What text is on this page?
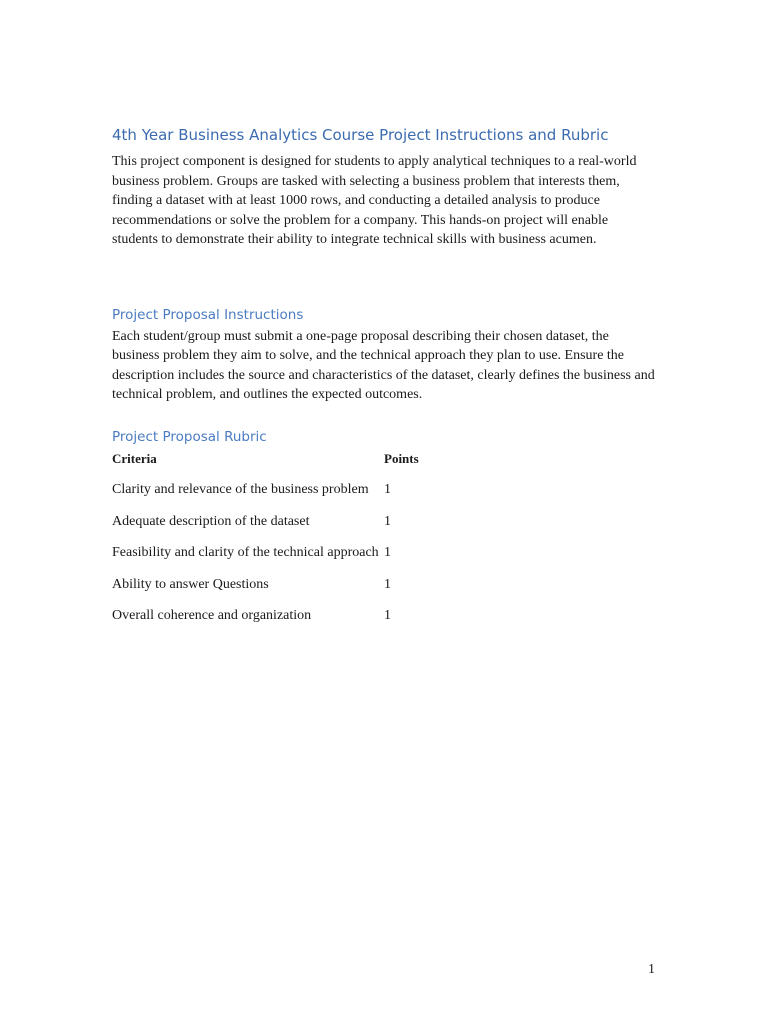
4th Year Business Analytics Course Project Instructions and Rubric

This project component is designed for students to apply analytical techniques to a real-world business problem. Groups are tasked with selecting a business problem that interests them, finding a dataset with at least 1000 rows, and conducting a detailed analysis to produce recommendations or solve the problem for a company. This hands-on project will enable students to demonstrate their ability to integrate technical skills with business acumen.

Project Proposal Instructions

Each student/group must submit a one-page proposal describing their chosen dataset, the business problem they aim to solve, and the technical approach they plan to use. Ensure the description includes the source and characteristics of the dataset, clearly defines the business and technical problem, and outlines the expected outcomes.

Project Proposal Rubric
Criteria	Points
Clarity and relevance of the business problem	1
Adequate description of the dataset	1
Feasibility and clarity of the technical approach 1
Ability to answer Questions	1
Overall coherence and organization	1
1
